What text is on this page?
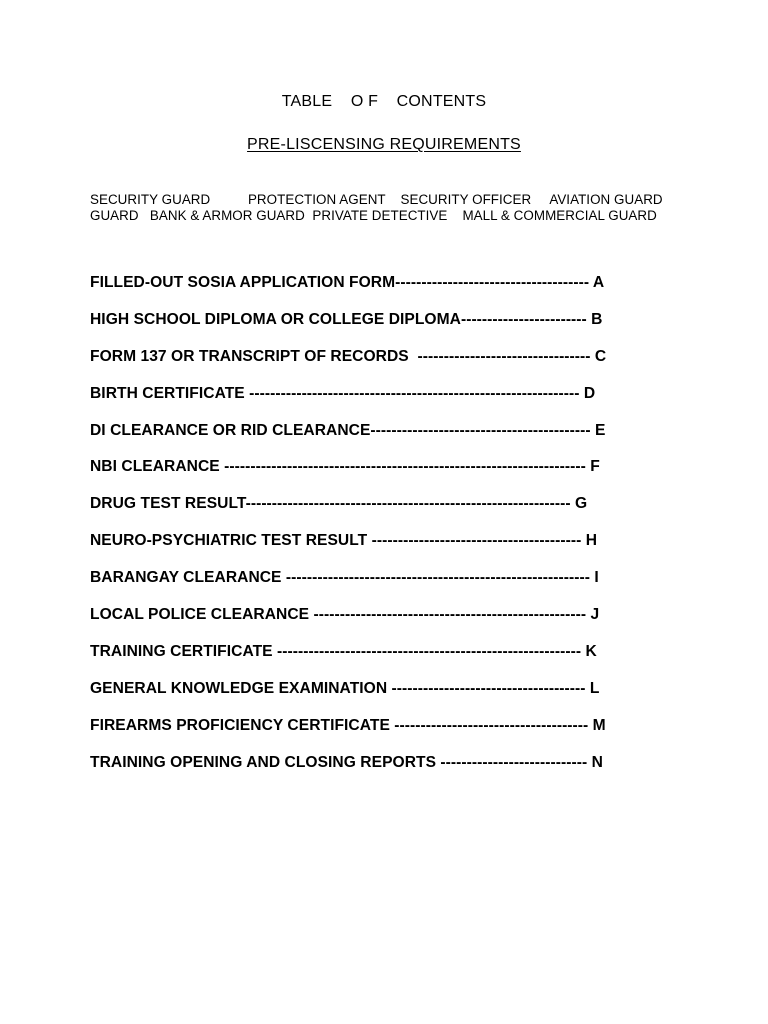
TABLE    O F    CONTENTS
PRE-LISCENSING REQUIREMENTS
SECURITY GUARD          PROTECTION AGENT    SECURITY OFFICER     AVIATION GUARD
GUARD   BANK & ARMOR GUARD  PRIVATE DETECTIVE    MALL & COMMERCIAL GUARD
FILLED-OUT SOSIA APPLICATION FORM------------------------------------- A
HIGH SCHOOL DIPLOMA OR COLLEGE DIPLOMA------------------------ B
FORM 137 OR TRANSCRIPT OF RECORDS  --------------------------------- C
BIRTH CERTIFICATE --------------------------------------------------------------- D
DI CLEARANCE OR RID CLEARANCE------------------------------------------ E
NBI CLEARANCE --------------------------------------------------------------------- F
DRUG TEST RESULT-------------------------------------------------------------- G
NEURO-PSYCHIATRIC TEST RESULT ---------------------------------------- H
BARANGAY CLEARANCE ---------------------------------------------------------- I
LOCAL POLICE CLEARANCE ---------------------------------------------------- J
TRAINING CERTIFICATE ---------------------------------------------------------- K
GENERAL KNOWLEDGE EXAMINATION ------------------------------------- L
FIREARMS PROFICIENCY CERTIFICATE ------------------------------------- M
TRAINING OPENING AND CLOSING REPORTS ---------------------------- N
